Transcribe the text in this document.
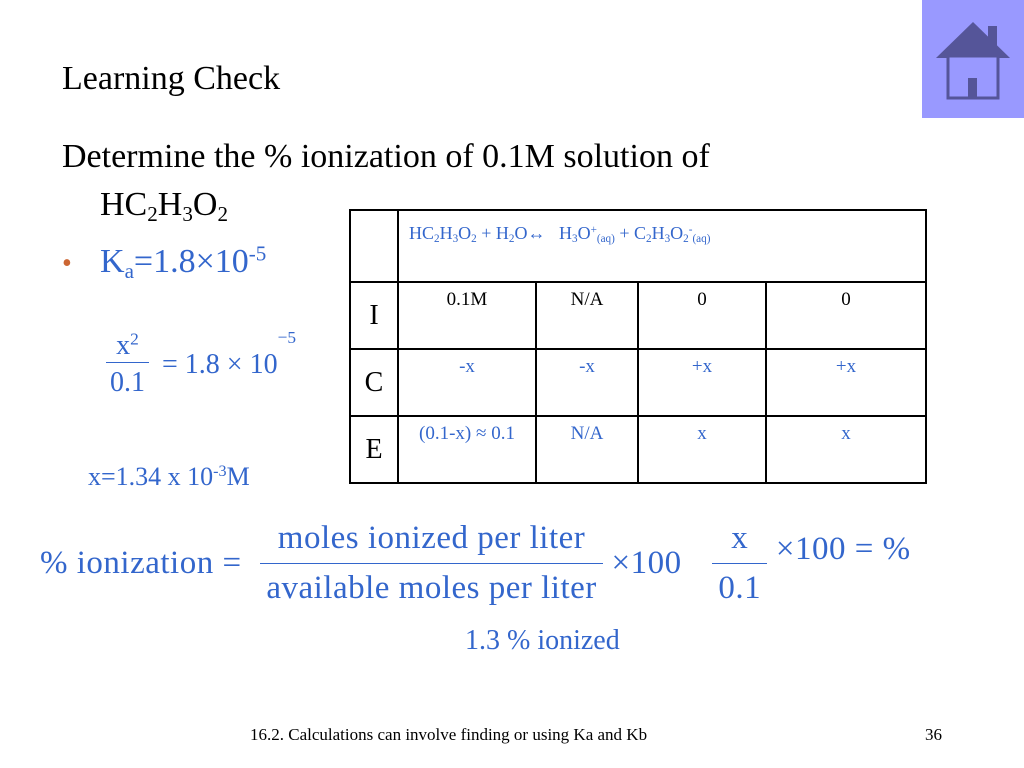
Learning Check
Determine the % ionization of 0.1M solution of
$HC_2H_3O_2$
• $K_a=1.8\times 10^{-5}$
$\frac{x^2}{0.1} = 1.8 \times 10^{-5}$
x=1.34 x $10^{-3}M$
	$HC_2H_3O_2$ + $H_2O\leftrightarrow$ $H_3O^+_{(aq)} + C_2H_3O_2^-_{(aq)}$
I	0.1M	N/A	0	0
C	-x	-x	+x	+x
E	(0.1-x) ≈ 0.1	N/A	x	x
% ionization =
moles ionized per liter
available moles per liter
$\times 100 \frac{x}{0.1} \times 100$ = %
1.3 % ionized
16.2. Calculations can involve finding or using Ka and Kb	36
